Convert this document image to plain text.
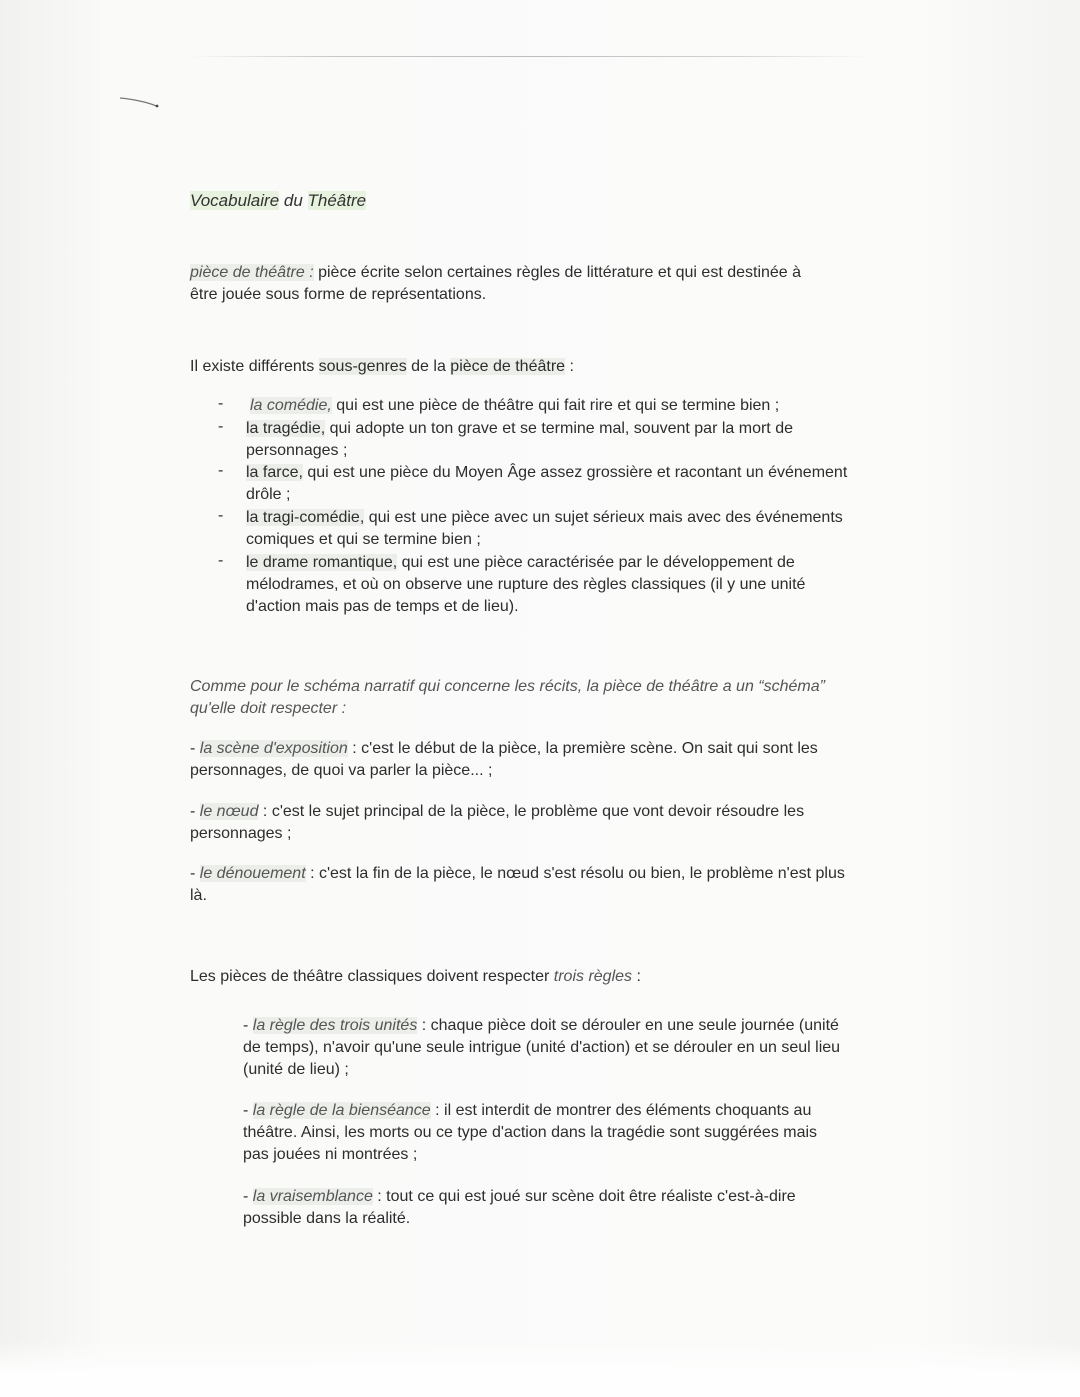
Vocabulaire du Théâtre
pièce de théâtre : pièce écrite selon certaines règles de littérature et qui est destinée à
être jouée sous forme de représentations.
Il existe différents sous-genres de la pièce de théâtre :
- la comédie, qui est une pièce de théâtre qui fait rire et qui se termine bien ;
- la tragédie, qui adopte un ton grave et se termine mal, souvent par la mort de
personnages ;
- la farce, qui est une pièce du Moyen Âge assez grossière et racontant un événement
drôle ;
- la tragi-comédie, qui est une pièce avec un sujet sérieux mais avec des événements
comiques et qui se termine bien ;
- le drame romantique, qui est une pièce caractérisée par le développement de
mélodrames, et où on observe une rupture des règles classiques (il y une unité
d'action mais pas de temps et de lieu).
Comme pour le schéma narratif qui concerne les récits, la pièce de théâtre a un “schéma”
qu'elle doit respecter :
- la scène d'exposition : c'est le début de la pièce, la première scène. On sait qui sont les
personnages, de quoi va parler la pièce... ;
- le nœud : c'est le sujet principal de la pièce, le problème que vont devoir résoudre les
personnages ;
- le dénouement : c'est la fin de la pièce, le nœud s'est résolu ou bien, le problème n'est plus
là.
Les pièces de théâtre classiques doivent respecter trois règles :
- la règle des trois unités : chaque pièce doit se dérouler en une seule journée (unité
de temps), n'avoir qu'une seule intrigue (unité d'action) et se dérouler en un seul lieu
(unité de lieu) ;
- la règle de la bienséance : il est interdit de montrer des éléments choquants au
théâtre. Ainsi, les morts ou ce type d'action dans la tragédie sont suggérées mais
pas jouées ni montrées ;
- la vraisemblance : tout ce qui est joué sur scène doit être réaliste c'est-à-dire
possible dans la réalité.
